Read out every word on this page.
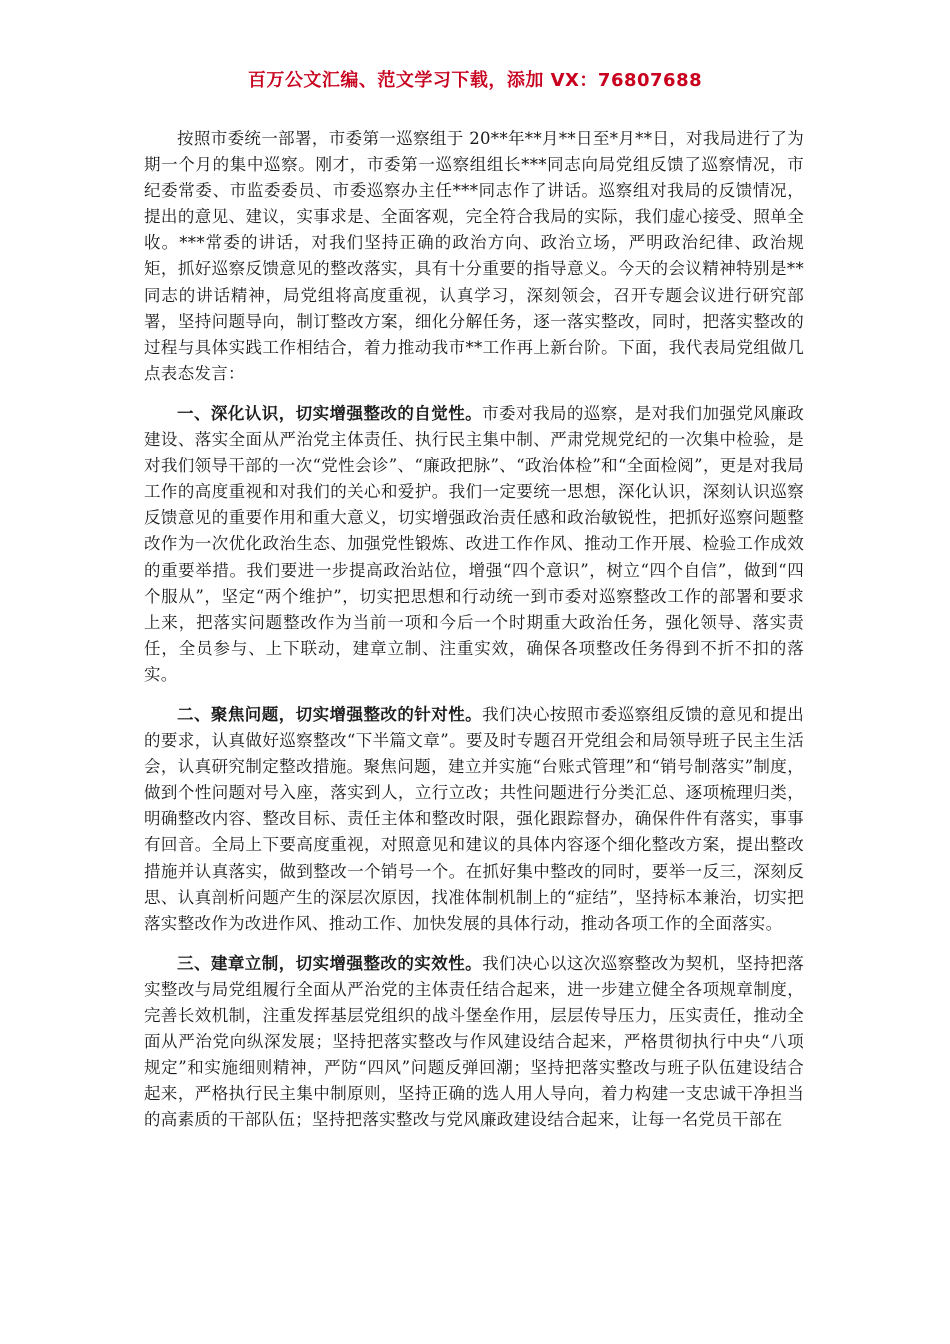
百万公文汇编、范文学习下载，添加 VX：76807688

按照市委统一部署，市委第一巡察组于 20**年**月**日至*月**日，对我局进行了为期一个月的集中巡察。刚才，市委第一巡察组组长***同志向局党组反馈了巡察情况，市纪委常委、市监委委员、市委巡察办主任***同志作了讲话。巡察组对我局的反馈情况，提出的意见、建议，实事求是、全面客观，完全符合我局的实际，我们虚心接受、照单全收。***常委的讲话，对我们坚持正确的政治方向、政治立场，严明政治纪律、政治规矩，抓好巡察反馈意见的整改落实，具有十分重要的指导意义。今天的会议精神特别是**同志的讲话精神，局党组将高度重视，认真学习，深刻领会，召开专题会议进行研究部署，坚持问题导向，制订整改方案，细化分解任务，逐一落实整改，同时，把落实整改的过程与具体实践工作相结合，着力推动我市**工作再上新台阶。下面，我代表局党组做几点表态发言：

一、深化认识，切实增强整改的自觉性。市委对我局的巡察，是对我们加强党风廉政建设、落实全面从严治党主体责任、执行民主集中制、严肃党规党纪的一次集中检验，是对我们领导干部的一次“党性会诊”、“廉政把脉”、“政治体检”和“全面检阅”，更是对我局工作的高度重视和对我们的关心和爱护。我们一定要统一思想，深化认识，深刻认识巡察反馈意见的重要作用和重大意义，切实增强政治责任感和政治敏锐性，把抓好巡察问题整改作为一次优化政治生态、加强党性锻炼、改进工作作风、推动工作开展、检验工作成效的重要举措。我们要进一步提高政治站位，增强“四个意识”，树立“四个自信”，做到“四个服从”，坚定“两个维护”，切实把思想和行动统一到市委对巡察整改工作的部署和要求上来，把落实问题整改作为当前一项和今后一个时期重大政治任务，强化领导、落实责任，全员参与、上下联动，建章立制、注重实效，确保各项整改任务得到不折不扣的落实。

二、聚焦问题，切实增强整改的针对性。我们决心按照市委巡察组反馈的意见和提出的要求，认真做好巡察整改“下半篇文章”。要及时专题召开党组会和局领导班子民主生活会，认真研究制定整改措施。聚焦问题，建立并实施“台账式管理”和“销号制落实”制度，做到个性问题对号入座，落实到人，立行立改；共性问题进行分类汇总、逐项梳理归类，明确整改内容、整改目标、责任主体和整改时限，强化跟踪督办，确保件件有落实，事事有回音。全局上下要高度重视，对照意见和建议的具体内容逐个细化整改方案，提出整改措施并认真落实，做到整改一个销号一个。在抓好集中整改的同时，要举一反三，深刻反思、认真剖析问题产生的深层次原因，找准体制机制上的“症结”，坚持标本兼治，切实把落实整改作为改进作风、推动工作、加快发展的具体行动，推动各项工作的全面落实。

三、建章立制，切实增强整改的实效性。我们决心以这次巡察整改为契机，坚持把落实整改与局党组履行全面从严治党的主体责任结合起来，进一步建立健全各项规章制度，完善长效机制，注重发挥基层党组织的战斗堡垒作用，层层传导压力，压实责任，推动全面从严治党向纵深发展；坚持把落实整改与作风建设结合起来，严格贯彻执行中央“八项规定”和实施细则精神，严防“四风”问题反弹回潮；坚持把落实整改与班子队伍建设结合起来，严格执行民主集中制原则，坚持正确的选人用人导向，着力构建一支忠诚干净担当的高素质的干部队伍；坚持把落实整改与党风廉政建设结合起来，让每一名党员干部在
